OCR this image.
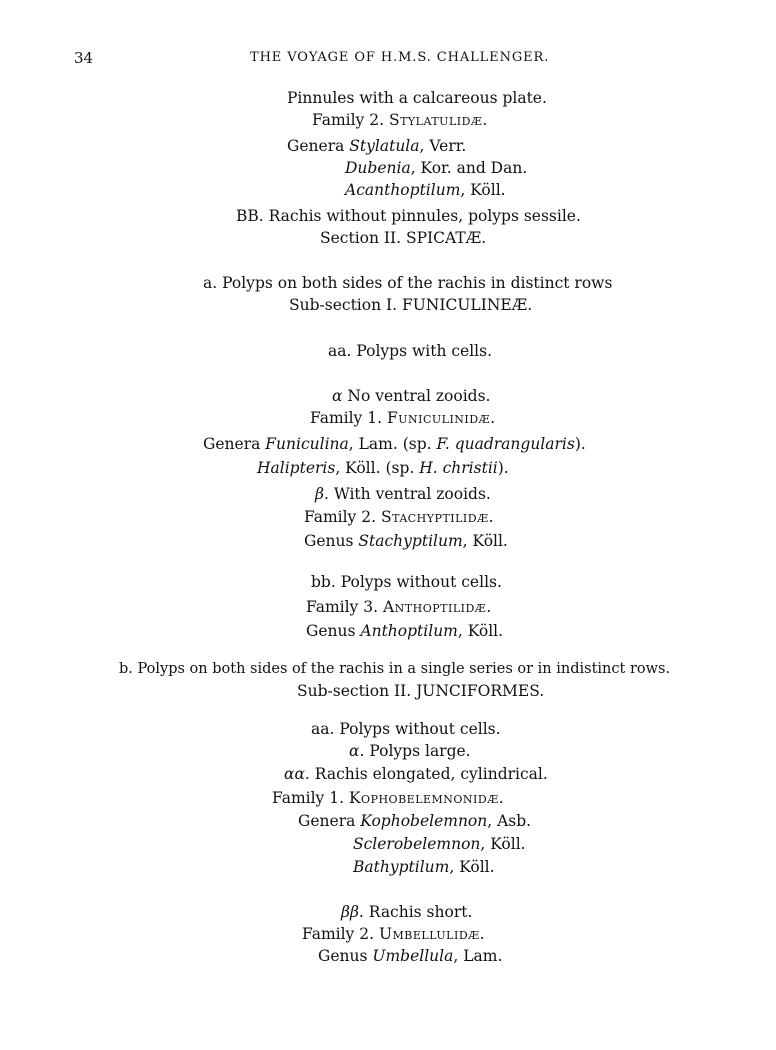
34	THE VOYAGE OF H.M.S. CHALLENGER.
Pinnules with a calcareous plate.
Family 2. Stylatulidæ.
Genera Stylatula, Verr.
Dubenia, Kor. and Dan.
Acanthoptilum, Köll.
BB. Rachis without pinnules, polyps sessile.
Section II. SPICATÆ.
a. Polyps on both sides of the rachis in distinct rows
Sub-section I. FUNICULINEÆ.
aa. Polyps with cells.
α No ventral zooids.
Family 1. Funiculinidæ.
Genera Funiculina, Lam. (sp. F. quadrangularis).
Halipteris, Köll. (sp. H. christii).
β. With ventral zooids.
Family 2. Stachyptilidæ.
Genus Stachyptilum, Köll.
bb. Polyps without cells.
Family 3. Anthoptilidæ.
Genus Anthoptilum, Köll.
b. Polyps on both sides of the rachis in a single series or in indistinct rows.
Sub-section II. JUNCIFORMES.
aa. Polyps without cells.
α. Polyps large.
αα. Rachis elongated, cylindrical.
Family 1. Kophobelemnonidæ.
Genera Kophobelemnon, Asb.
Sclerobelemnon, Köll.
Bathyptilum, Köll.
ββ. Rachis short.
Family 2. Umbellulidæ.
Genus Umbellula, Lam.
